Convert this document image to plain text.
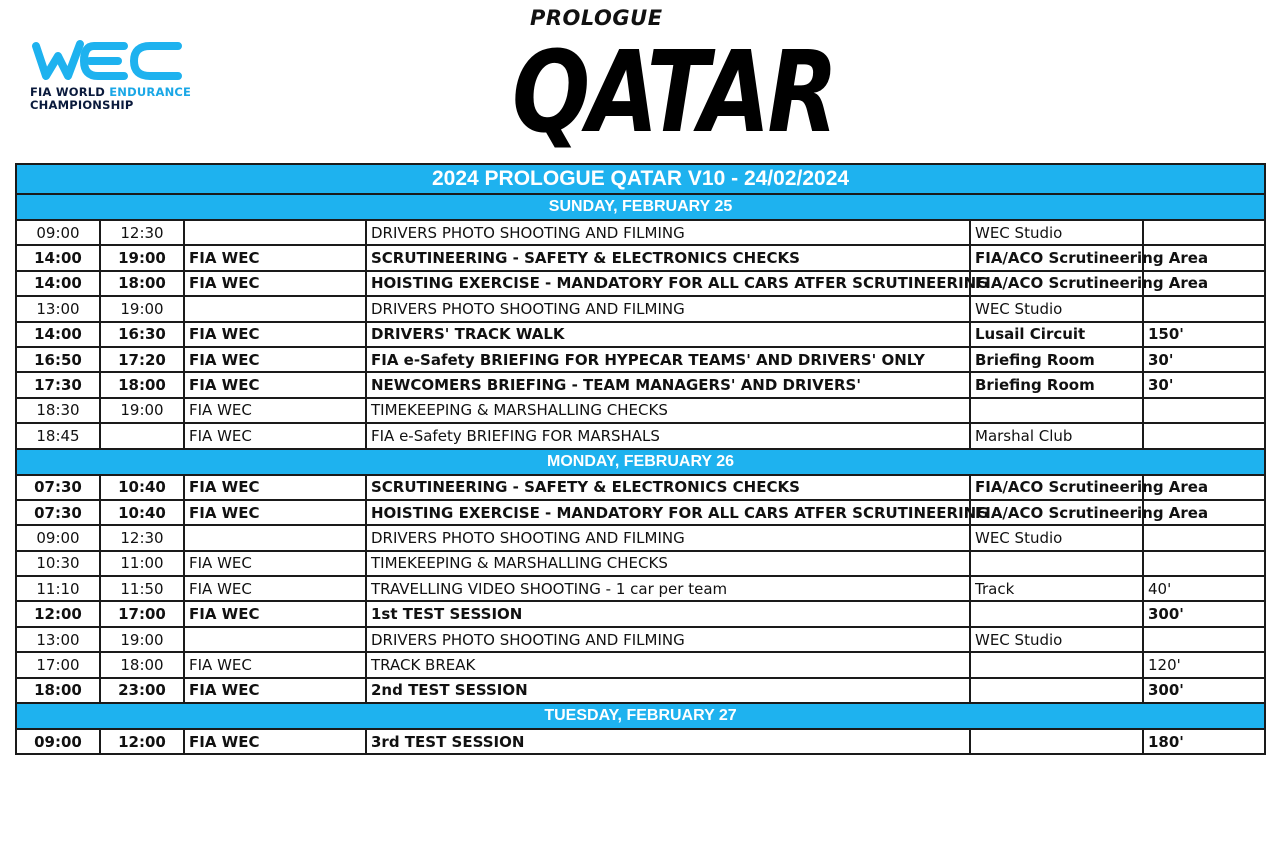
WEC
FIA WORLD ENDURANCE
CHAMPIONSHIP
PROLOGUE
QATAR
2024 PROLOGUE QATAR V10 - 24/02/2024					
SUNDAY, FEBRUARY 25					
09:00	12:30		DRIVERS PHOTO SHOOTING AND FILMING	WEC Studio	
14:00	19:00	FIA WEC	SCRUTINEERING - SAFETY & ELECTRONICS CHECKS	FIA/ACO Scrutineering Area	
14:00	18:00	FIA WEC	HOISTING EXERCISE - MANDATORY FOR ALL CARS ATFER SCRUTINEERING	FIA/ACO Scrutineering Area	
13:00	19:00		DRIVERS PHOTO SHOOTING AND FILMING	WEC Studio	
14:00	16:30	FIA WEC	DRIVERS' TRACK WALK	Lusail Circuit	150'
16:50	17:20	FIA WEC	FIA e-Safety BRIEFING FOR HYPECAR TEAMS' AND DRIVERS' ONLY	Briefing Room	30'
17:30	18:00	FIA WEC	NEWCOMERS BRIEFING - TEAM MANAGERS' AND DRIVERS'	Briefing Room	30'
18:30	19:00	FIA WEC	TIMEKEEPING & MARSHALLING CHECKS		
18:45		FIA WEC	FIA e-Safety BRIEFING FOR MARSHALS	Marshal Club	
MONDAY, FEBRUARY 26					
07:30	10:40	FIA WEC	SCRUTINEERING - SAFETY & ELECTRONICS CHECKS	FIA/ACO Scrutineering Area	
07:30	10:40	FIA WEC	HOISTING EXERCISE - MANDATORY FOR ALL CARS ATFER SCRUTINEERING	FIA/ACO Scrutineering Area	
09:00	12:30		DRIVERS PHOTO SHOOTING AND FILMING	WEC Studio	
10:30	11:00	FIA WEC	TIMEKEEPING & MARSHALLING CHECKS		
11:10	11:50	FIA WEC	TRAVELLING VIDEO SHOOTING - 1 car per team	Track	40'
12:00	17:00	FIA WEC	1st TEST SESSION		300'
13:00	19:00		DRIVERS PHOTO SHOOTING AND FILMING	WEC Studio	
17:00	18:00	FIA WEC	TRACK BREAK		120'
18:00	23:00	FIA WEC	2nd TEST SESSION		300'
TUESDAY, FEBRUARY 27					
09:00	12:00	FIA WEC	3rd TEST SESSION		180'
